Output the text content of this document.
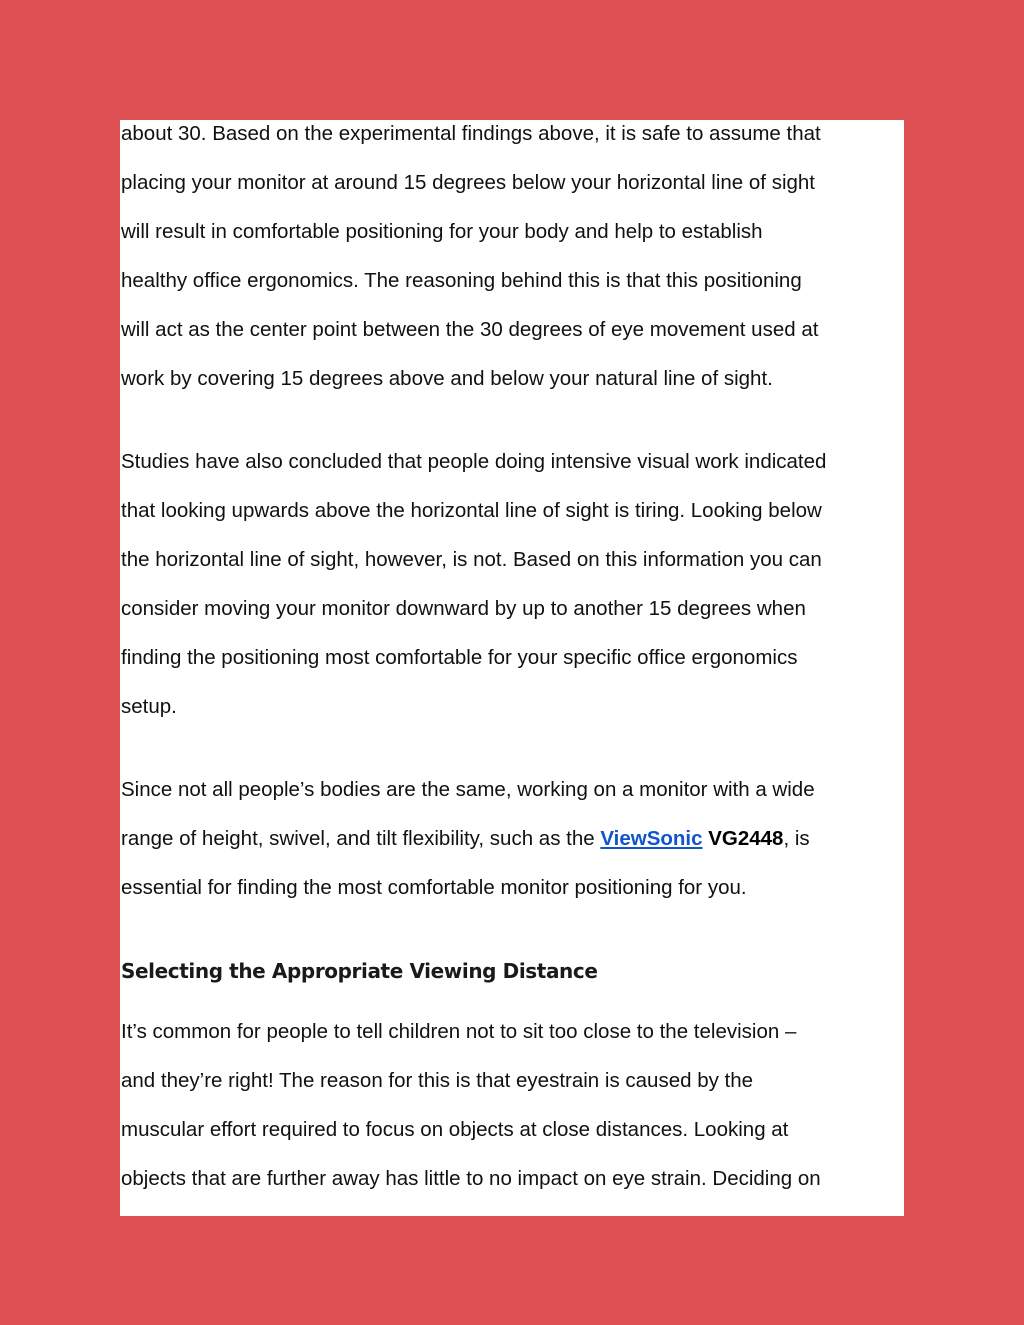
about 30. Based on the experimental findings above, it is safe to assume that
placing your monitor at around 15 degrees below your horizontal line of sight
will result in comfortable positioning for your body and help to establish
healthy office ergonomics. The reasoning behind this is that this positioning
will act as the center point between the 30 degrees of eye movement used at
work by covering 15 degrees above and below your natural line of sight.
Studies have also concluded that people doing intensive visual work indicated
that looking upwards above the horizontal line of sight is tiring. Looking below
the horizontal line of sight, however, is not. Based on this information you can
consider moving your monitor downward by up to another 15 degrees when
finding the positioning most comfortable for your specific office ergonomics
setup.
Since not all people’s bodies are the same, working on a monitor with a wide
range of height, swivel, and tilt flexibility, such as the ViewSonic VG2448, is
essential for finding the most comfortable monitor positioning for you.
Selecting the Appropriate Viewing Distance
It’s common for people to tell children not to sit too close to the television –
and they’re right! The reason for this is that eyestrain is caused by the
muscular effort required to focus on objects at close distances. Looking at
objects that are further away has little to no impact on eye strain. Deciding on
